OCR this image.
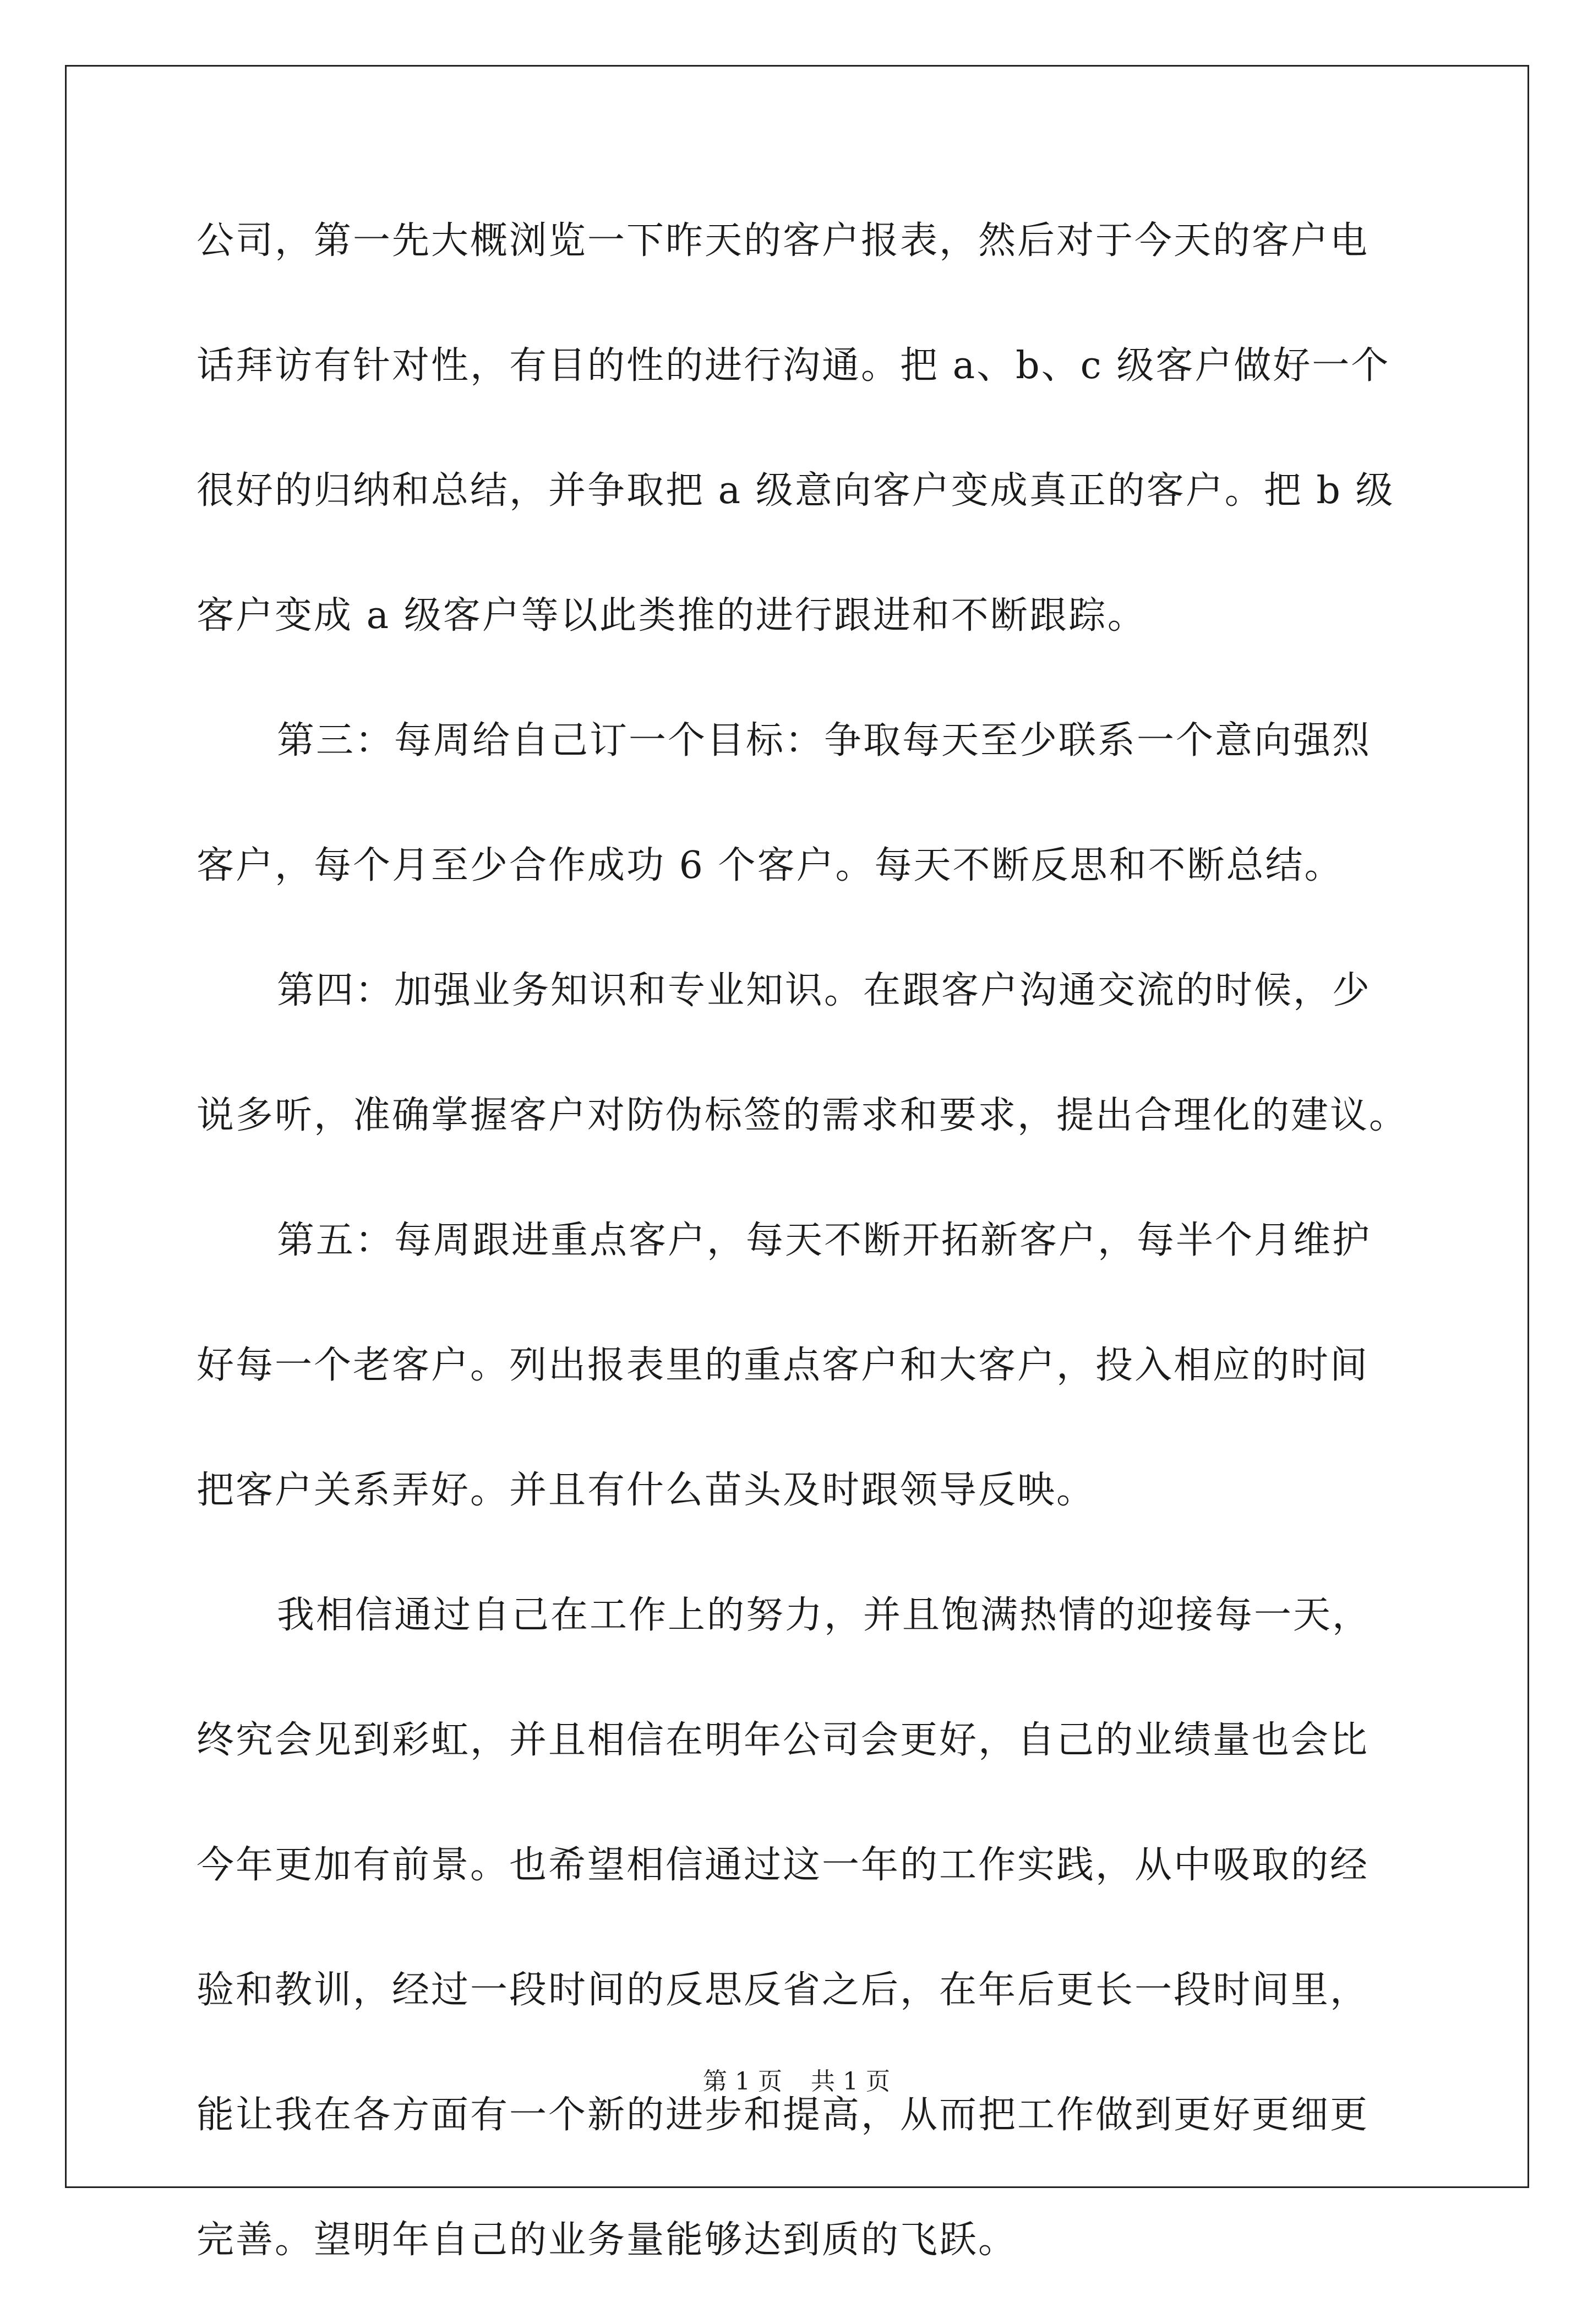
公司，第一先大概浏览一下昨天的客户报表，然后对于今天的客户电
话拜访有针对性，有目的性的进行沟通。把 a、b、c 级客户做好一个
很好的归纳和总结，并争取把 a 级意向客户变成真正的客户。把 b 级
客户变成 a 级客户等以此类推的进行跟进和不断跟踪。
第三：每周给自己订一个目标：争取每天至少联系一个意向强烈
客户，每个月至少合作成功 6 个客户。每天不断反思和不断总结。
第四：加强业务知识和专业知识。在跟客户沟通交流的时候，少
说多听，准确掌握客户对防伪标签的需求和要求，提出合理化的建议。
第五：每周跟进重点客户，每天不断开拓新客户，每半个月维护
好每一个老客户。列出报表里的重点客户和大客户，投入相应的时间
把客户关系弄好。并且有什么苗头及时跟领导反映。
我相信通过自己在工作上的努力，并且饱满热情的迎接每一天，
终究会见到彩虹，并且相信在明年公司会更好，自己的业绩量也会比
今年更加有前景。也希望相信通过这一年的工作实践，从中吸取的经
验和教训，经过一段时间的反思反省之后，在年后更长一段时间里，
能让我在各方面有一个新的进步和提高，从而把工作做到更好更细更
完善。望明年自己的业务量能够达到质的飞跃。
第 1 页 共 1 页
